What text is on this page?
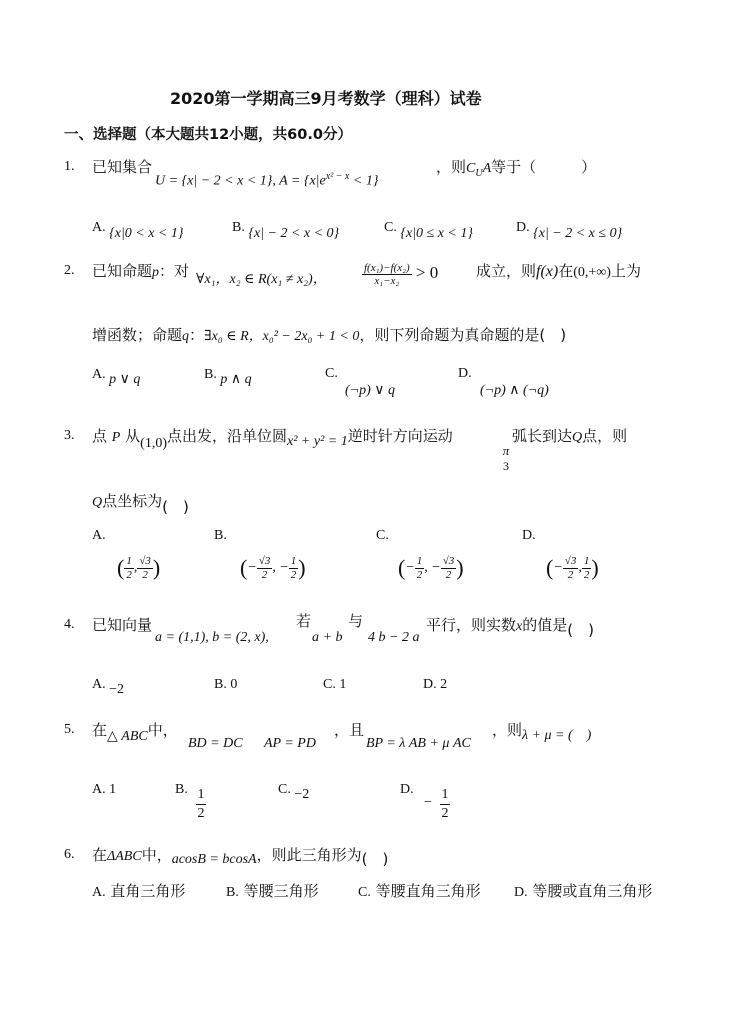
2020第一学期高三9月考数学（理科）试卷
一、选择题（本大题共12小题，共60.0分）
1. 已知集合
U = {x| − 2 < x < 1}, $A = \{x|e^{x^2 - x} < 1\}$
，则$C_UA$等于（　　　）
A. {x|0 < x < 1}	B. {x| − 2 < x < 0}	C. {x|0 ≤ x < 1}	D. {x| − 2 < x ≤ 0}
2. 已知命题p：对 ∀x₁，x₂ ∈ R(x₁ ≠ x₂)，	$\frac{\text{f(x₁)−f(x₂)}}{\text{x₁−x₂}} > 0$	成立，则f(x)在(0,+∞)上为
增函数；命题q：∃x₀ ∈ R，x₀² − 2x₀ + 1 < 0，则下列命题为真命题的是(　)
A. p ∨ q	B. p ∧ q	C.
(¬p) ∨ q
D.
(¬p) ∧ (¬q)
3. 点 P 从(1,0)点出发，沿单位圆x² + y² = 1逆时针方向运动
π
3
弧长到达Q点，则
Q点坐标为(　)
A.
( $\frac{1}{2}$ , $\frac{√3}{2}$ )
B.
(− $\frac{√3}{2}$ , − $\frac{1}{2}$ )
C.
(− $\frac{1}{2}$ , − $\frac{√3}{2}$ )
D.
(− $\frac{√3}{2}$ , $\frac{1}{2}$ )
4. 已知向量
a = (1,1), b = (2, x),
若
a + b
与
4 b − 2 a
平行，则实数x的值是(　)
A. −2	B. 0	C. 1	D. 2
5. 在△ ABC中，
BD = DC AP = PD
，且
BP = λ AB + μ AC
，则λ + μ = (　)
A. 1	B. 1
2
C. −2	D.
−
1
2
6. 在ΔABC中，acosB = bcosA，则此三角形为(　)
A. 直角三角形	B. 等腰三角形	C. 等腰直角三角形 D. 等腰或直角三角形
